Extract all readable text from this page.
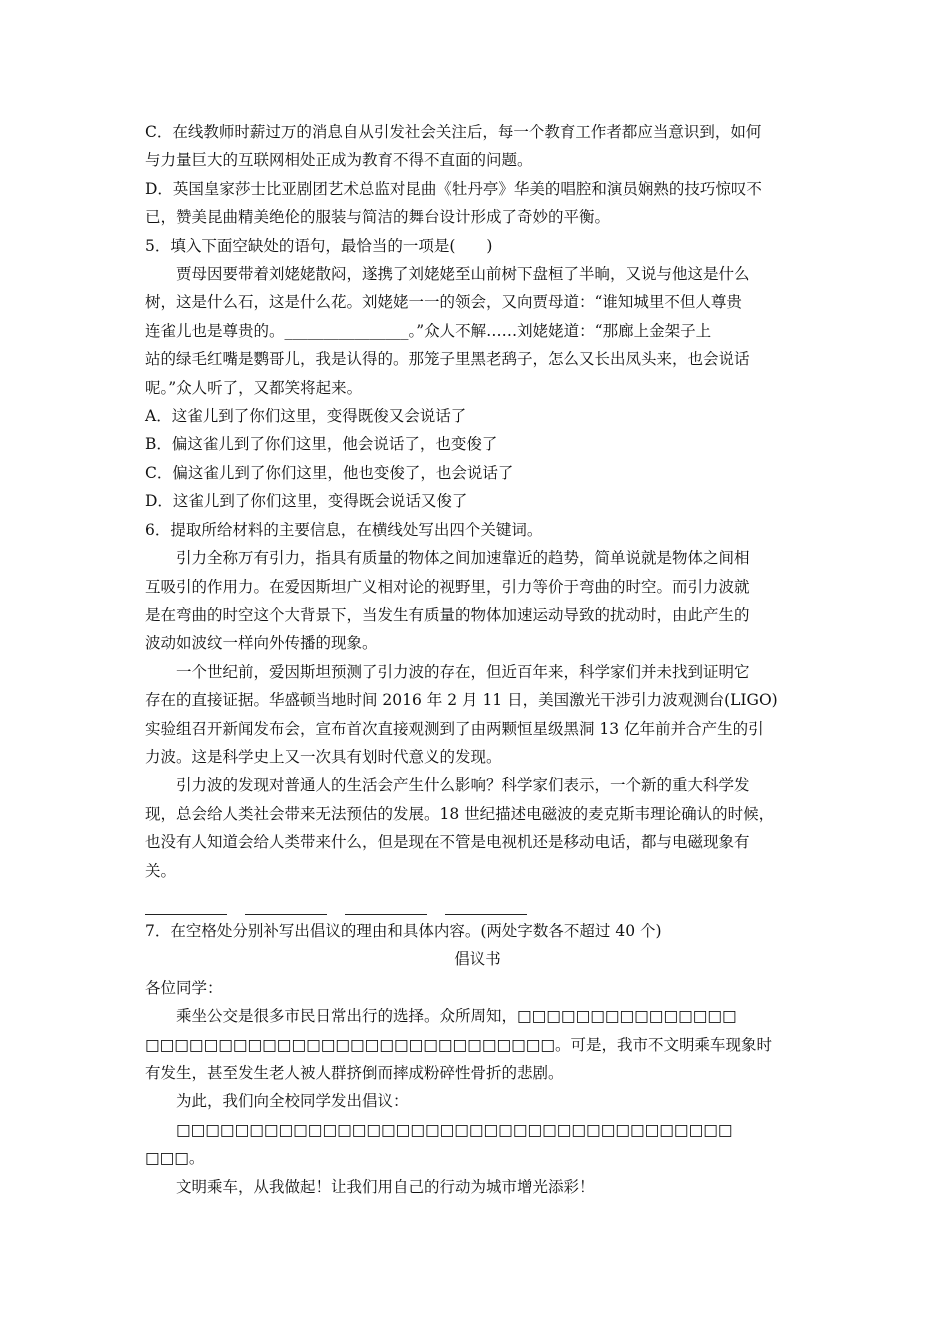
C．在线教师时薪过万的消息自从引发社会关注后，每一个教育工作者都应当意识到，如何
与力量巨大的互联网相处正成为教育不得不直面的问题。
D．英国皇家莎士比亚剧团艺术总监对昆曲《牡丹亭》华美的唱腔和演员娴熟的技巧惊叹不
已，赞美昆曲精美绝伦的服装与简洁的舞台设计形成了奇妙的平衡。
5．填入下面空缺处的语句，最恰当的一项是(　　)
贾母因要带着刘姥姥散闷，遂携了刘姥姥至山前树下盘桓了半晌，又说与他这是什么
树，这是什么石，这是什么花。刘姥姥一一的领会，又向贾母道：“谁知城里不但人尊贵
连雀儿也是尊贵的。________________。”众人不解……刘姥姥道：“那廊上金架子上
站的绿毛红嘴是鹦哥儿，我是认得的。那笼子里黑老鸹子，怎么又长出凤头来，也会说话
呢。”众人听了，又都笑将起来。
A．这雀儿到了你们这里，变得既俊又会说话了
B．偏这雀儿到了你们这里，他会说话了，也变俊了
C．偏这雀儿到了你们这里，他也变俊了，也会说话了
D．这雀儿到了你们这里，变得既会说话又俊了
6．提取所给材料的主要信息，在横线处写出四个关键词。
引力全称万有引力，指具有质量的物体之间加速靠近的趋势，简单说就是物体之间相
互吸引的作用力。在爱因斯坦广义相对论的视野里，引力等价于弯曲的时空。而引力波就
是在弯曲的时空这个大背景下，当发生有质量的物体加速运动导致的扰动时，由此产生的
波动如波纹一样向外传播的现象。
一个世纪前，爱因斯坦预测了引力波的存在，但近百年来，科学家们并未找到证明它
存在的直接证据。华盛顿当地时间 2016 年 2 月 11 日，美国激光干涉引力波观测台(LIGO)
实验组召开新闻发布会，宣布首次直接观测到了由两颗恒星级黑洞 13 亿年前并合产生的引
力波。这是科学史上又一次具有划时代意义的发现。
引力波的发现对普通人的生活会产生什么影响？科学家们表示，一个新的重大科学发
现，总会给人类社会带来无法预估的发展。18 世纪描述电磁波的麦克斯韦理论确认的时候，
也没有人知道会给人类带来什么，但是现在不管是电视机还是移动电话，都与电磁现象有
关。
7．在空格处分别补写出倡议的理由和具体内容。(两处字数各不超过 40 个)
倡议书
各位同学：
乘坐公交是很多市民日常出行的选择。众所周知，□□□□□□□□□□□□□□□
□□□□□□□□□□□□□□□□□□□□□□□□□□□□。可是，我市不文明乘车现象时
有发生，甚至发生老人被人群挤倒而摔成粉碎性骨折的悲剧。
为此，我们向全校同学发出倡议：
□□□□□□□□□□□□□□□□□□□□□□□□□□□□□□□□□□□□□□
□□□。
文明乘车，从我做起！让我们用自己的行动为城市增光添彩！
